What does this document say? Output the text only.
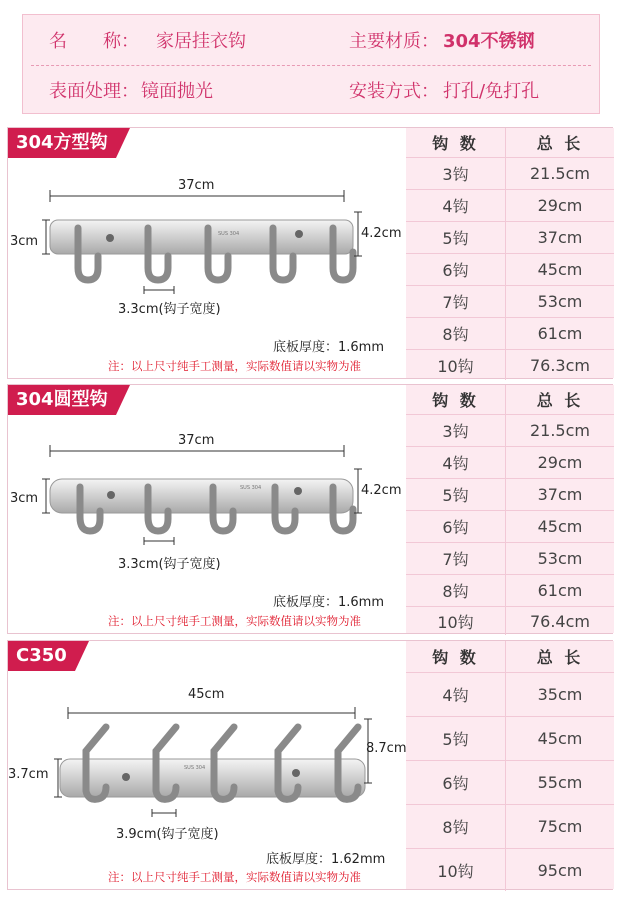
名　　称： 家居挂衣钩	主要材质： 304不锈钢
表面处理： 镜面抛光	安装方式： 打孔/免打孔
304方型钩
SUS 304
37cm
3cm
4.2cm
3.3cm(钩子宽度)
底板厚度：1.6mm
注：以上尺寸纯手工测量，实际数值请以实物为准
钩 数	总 长
3钩	21.5cm
4钩	29cm
5钩	37cm
6钩	45cm
7钩	53cm
8钩	61cm
10钩	76.3cm
304圆型钩
SUS 304
37cm
3cm
4.2cm
3.3cm(钩子宽度)
底板厚度：1.6mm
注：以上尺寸纯手工测量，实际数值请以实物为准
钩 数	总 长
3钩	21.5cm
4钩	29cm
5钩	37cm
6钩	45cm
7钩	53cm
8钩	61cm
10钩	76.4cm
C350
SUS 304
45cm
3.7cm
8.7cm
3.9cm(钩子宽度)
底板厚度：1.62mm
注：以上尺寸纯手工测量，实际数值请以实物为准
钩 数	总 长
4钩	35cm
5钩	45cm
6钩	55cm
8钩	75cm
10钩	95cm
